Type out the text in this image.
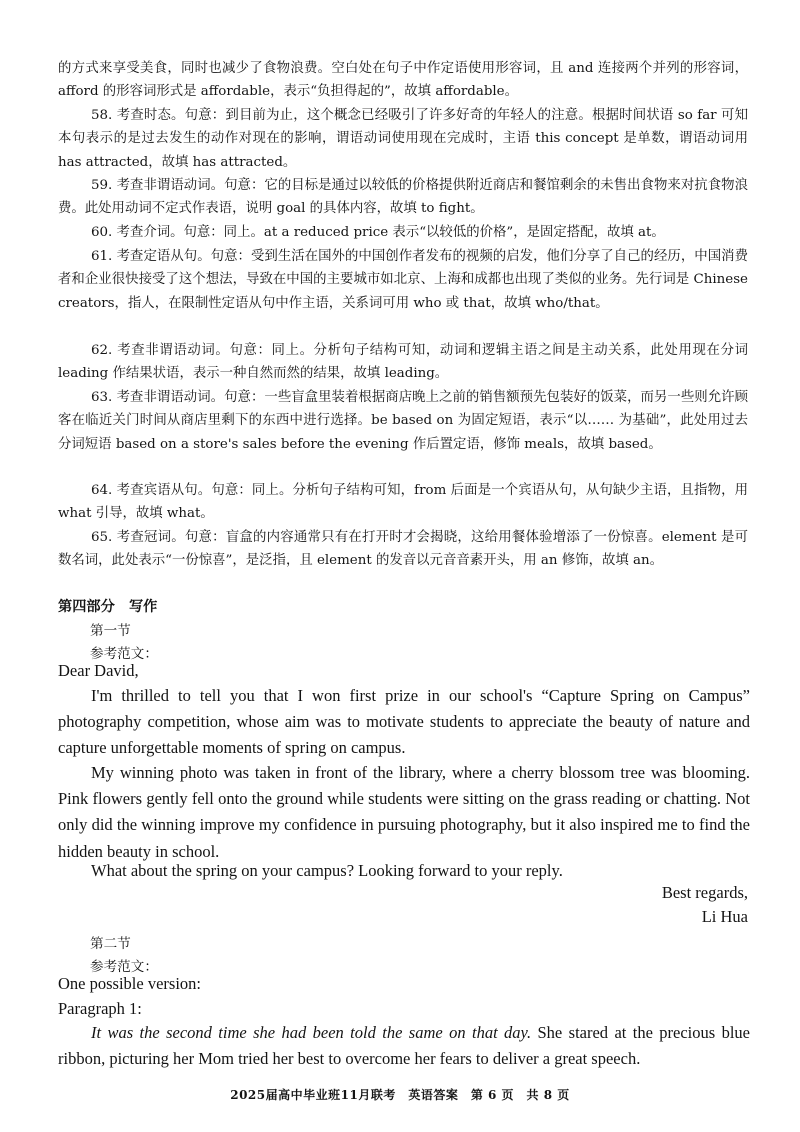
的方式来享受美食，同时也减少了食物浪费。空白处在句子中作定语使用形容词，且 and 连接两个并列的形容词，afford 的形容词形式是 affordable，表示“负担得起的”，故填 affordable。

58. 考查时态。句意：到目前为止，这个概念已经吸引了许多好奇的年轻人的注意。根据时间状语 so far 可知本句表示的是过去发生的动作对现在的影响，谓语动词使用现在完成时，主语 this concept 是单数，谓语动词用 has attracted，故填 has attracted。

59. 考查非谓语动词。句意：它的目标是通过以较低的价格提供附近商店和餐馆剩余的未售出食物来对抗食物浪费。此处用动词不定式作表语，说明 goal 的具体内容，故填 to fight。

60. 考查介词。句意：同上。at a reduced price 表示“以较低的价格”，是固定搭配，故填 at。

61. 考查定语从句。句意：受到生活在国外的中国创作者发布的视频的启发，他们分享了自己的经历，中国消费者和企业很快接受了这个想法，导致在中国的主要城市如北京、上海和成都也出现了类似的业务。先行词是 Chinese creators，指人，在限制性定语从句中作主语，关系词可用 who 或 that，故填 who/that。

62. 考查非谓语动词。句意：同上。分析句子结构可知，动词和逻辑主语之间是主动关系，此处用现在分词 leading 作结果状语，表示一种自然而然的结果，故填 leading。

63. 考查非谓语动词。句意：一些盲盒里装着根据商店晚上之前的销售额预先包装好的饭菜，而另一些则允许顾客在临近关门时间从商店里剩下的东西中进行选择。be based on 为固定短语，表示“以…… 为基础”，此处用过去分词短语 based on a store's sales before the evening 作后置定语，修饰 meals，故填 based。

64. 考查宾语从句。句意：同上。分析句子结构可知，from 后面是一个宾语从句，从句缺少主语，且指物，用 what 引导，故填 what。

65. 考查冠词。句意：盲盒的内容通常只有在打开时才会揭晓，这给用餐体验增添了一份惊喜。element 是可数名词，此处表示“一份惊喜”，是泛指，且 element 的发音以元音音素开头，用 an 修饰，故填 an。

第四部分　写作
第一节
参考范文：
Dear David,

I'm thrilled to tell you that I won first prize in our school's “Capture Spring on Campus” photography competition, whose aim was to motivate students to appreciate the beauty of nature and capture unforgettable moments of spring on campus.

My winning photo was taken in front of the library, where a cherry blossom tree was blooming. Pink flowers gently fell onto the ground while students were sitting on the grass reading or chatting. Not only did the winning improve my confidence in pursuing photography, but it also inspired me to find the hidden beauty in school.

What about the spring on your campus? Looking forward to your reply.

Best regards,
Li Hua
第二节
参考范文：
One possible version:
Paragraph 1:

It was the second time she had been told the same on that day. She stared at the precious blue ribbon, picturing her Mom tried her best to overcome her fears to deliver a great speech.

2025届高中毕业班11月联考　英语答案　第 6 页　共 8 页
